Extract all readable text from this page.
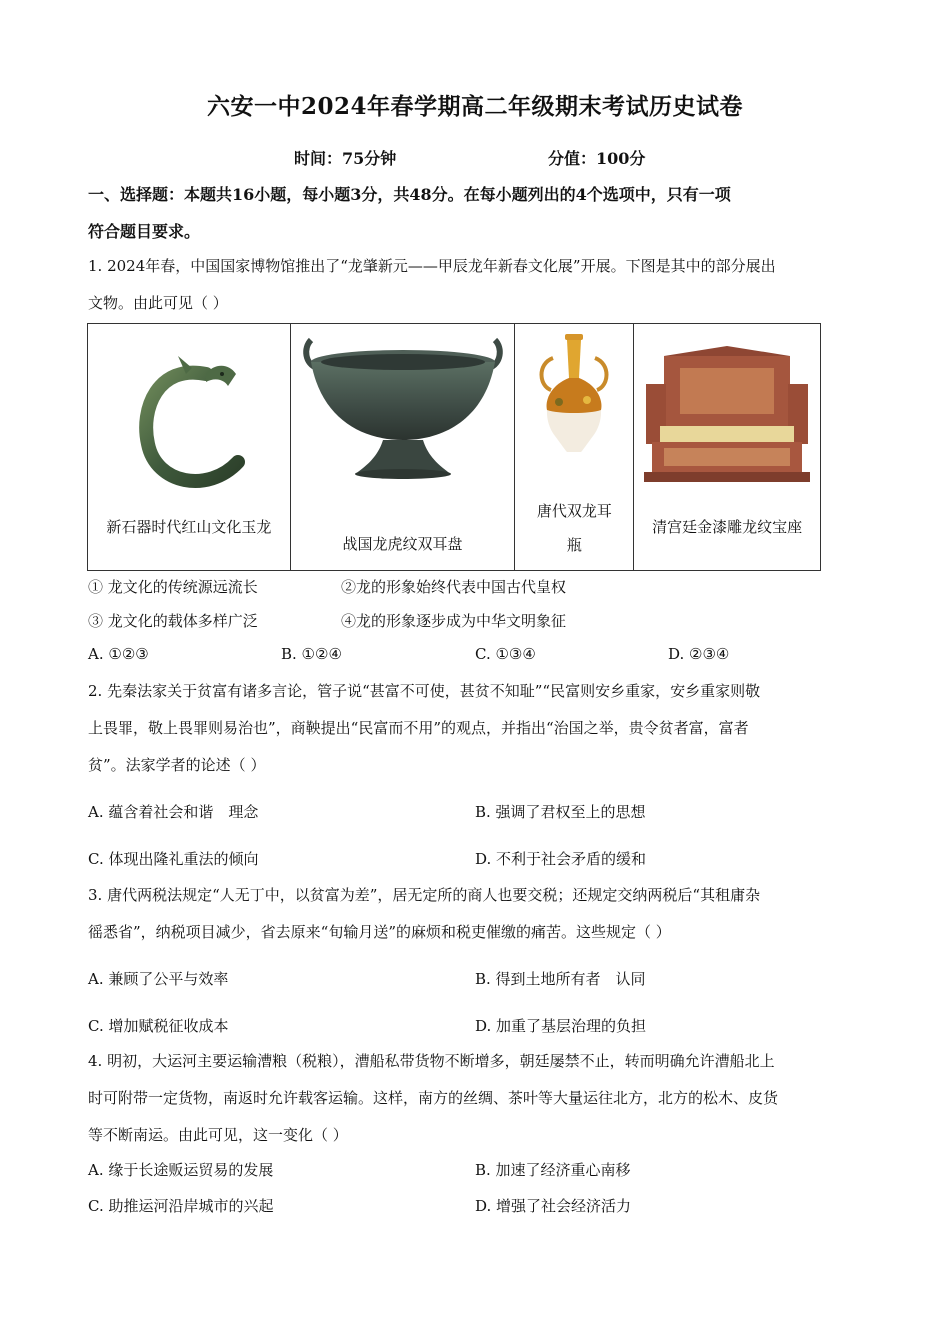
六安一中2024年春学期高二年级期末考试历史试卷
时间：75分钟	分值：100分
一、选择题：本题共16小题，每小题3分，共48分。在每小题列出的4个选项中，只有一项
符合题目要求。
1. 2024年春，中国国家博物馆推出了“龙肇新元——甲辰龙年新春文化展”开展。下图是其中的部分展出
文物。由此可见（ ）
新石器时代红山文化玉龙

战国龙虎纹双耳盘

唐代双龙耳
瓶

清宫廷金漆雕龙纹宝座
① 龙文化的传统源远流长	②龙的形象始终代表中国古代皇权
③ 龙文化的载体多样广泛	④龙的形象逐步成为中华文明象征
A. ①②③	B. ①②④	C. ①③④	D. ②③④
2. 先秦法家关于贫富有诸多言论，管子说“甚富不可使，甚贫不知耻”“民富则安乡重家，安乡重家则敬
上畏罪，敬上畏罪则易治也”，商鞅提出“民富而不用”的观点，并指出“治国之举，贵令贫者富，富者
贫”。法家学者的论述（ ）
A. 蕴含着社会和谐　理念	B. 强调了君权至上的思想
C. 体现出隆礼重法的倾向	D. 不利于社会矛盾的缓和
3. 唐代两税法规定“人无丁中，以贫富为差”，居无定所的商人也要交税；还规定交纳两税后“其租庸杂
徭悉省”，纳税项目减少，省去原来“旬输月送”的麻烦和税吏催缴的痛苦。这些规定（ ）
A. 兼顾了公平与效率	B. 得到土地所有者　认同
C. 增加赋税征收成本	D. 加重了基层治理的负担
4. 明初，大运河主要运输漕粮（税粮），漕船私带货物不断增多，朝廷屡禁不止，转而明确允许漕船北上
时可附带一定货物，南返时允许载客运输。这样，南方的丝绸、茶叶等大量运往北方，北方的松木、皮货
等不断南运。由此可见，这一变化（ ）
A. 缘于长途贩运贸易的发展	B. 加速了经济重心南移
C. 助推运河沿岸城市的兴起	D. 增强了社会经济活力
